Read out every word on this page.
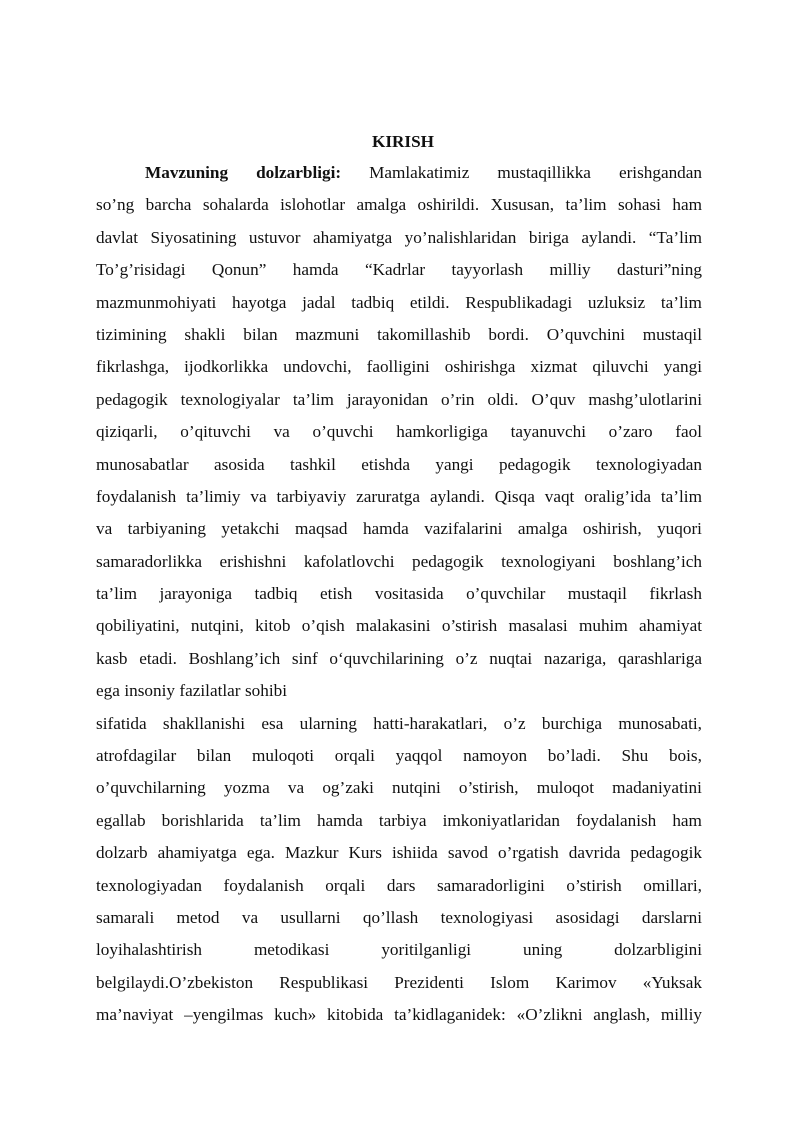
KIRISH
Mavzuning dolzarbligi: Mamlakatimiz mustaqillikka erishgandan
so’ng barcha sohalarda islohotlar amalga oshirildi. Xususan, ta’lim sohasi ham
davlat Siyosatining ustuvor ahamiyatga yo’nalishlaridan biriga aylandi. “Ta’lim
To’g’risidagi Qonun” hamda “Kadrlar tayyorlash milliy dasturi”ning
mazmunmohiyati hayotga jadal tadbiq etildi. Respublikadagi uzluksiz ta’lim
tizimining shakli bilan mazmuni takomillashib bordi. O’quvchini mustaqil
fikrlashga, ijodkorlikka undovchi, faolligini oshirishga xizmat qiluvchi yangi
pedagogik texnologiyalar ta’lim jarayonidan o’rin oldi. O’quv mashg’ulotlarini
qiziqarli, o’qituvchi va o’quvchi hamkorligiga tayanuvchi o’zaro faol
munosabatlar asosida tashkil etishda yangi pedagogik texnologiyadan
foydalanish ta’limiy va tarbiyaviy zaruratga aylandi. Qisqa vaqt oralig’ida ta’lim
va tarbiyaning yetakchi maqsad hamda vazifalarini amalga oshirish, yuqori
samaradorlikka erishishni kafolatlovchi pedagogik texnologiyani boshlang’ich
ta’lim jarayoniga tadbiq etish vositasida o’quvchilar mustaqil fikrlash
qobiliyatini, nutqini, kitob o’qish malakasini o’stirish masalasi muhim ahamiyat
kasb etadi. Boshlang’ich sinf o‘quvchilarining o’z nuqtai nazariga, qarashlariga
ega insoniy fazilatlar sohibi
sifatida shakllanishi esa ularning hatti-harakatlari, o’z burchiga munosabati,
atrofdagilar bilan muloqoti orqali yaqqol namoyon bo’ladi. Shu bois,
o’quvchilarning yozma va og’zaki nutqini o’stirish, muloqot madaniyatini
egallab borishlarida ta’lim hamda tarbiya imkoniyatlaridan foydalanish ham
dolzarb ahamiyatga ega. Mazkur Kurs ishiida savod o’rgatish davrida pedagogik
texnologiyadan foydalanish orqali dars samaradorligini o’stirish omillari,
samarali metod va usullarni qo’llash texnologiyasi asosidagi darslarni
loyihalashtirish	metodikasi	yoritilganligi	uning	dolzarbligini
belgilaydi.O’zbekiston Respublikasi Prezidenti Islom Karimov «Yuksak
ma’naviyat –yengilmas kuch» kitobida ta’kidlaganidek: «O’zlikni anglash, milliy
